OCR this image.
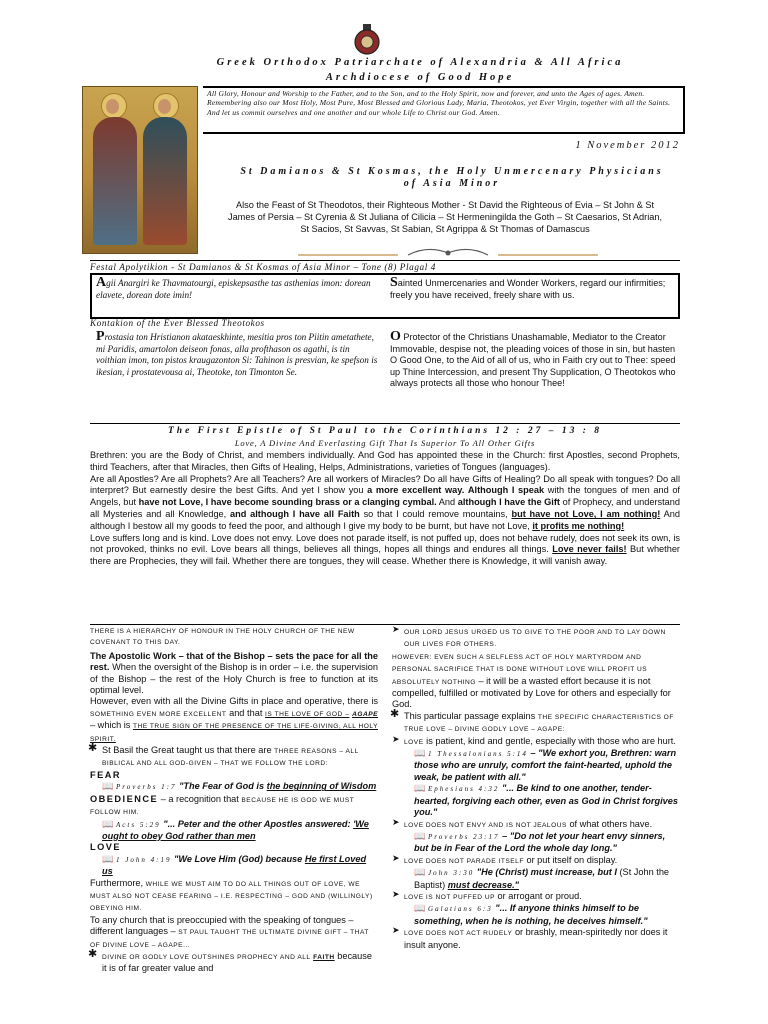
Greek Orthodox Patriarchate of Alexandria & All Africa
Archdiocese of Good Hope
All Glory, Honour and Worship to the Father, and to the Son, and to the Holy Spirit, now and forever, and unto the Ages of ages. Amen. Remembering also our Most Holy, Most Pure, Most Blessed and Glorious Lady, Maria, Theotokos, yet Ever Virgin, together with all the Saints. And let us commit ourselves and one another and our whole Life to Christ our God. Amen.
1 November 2012
St Damianos & St Kosmas, the Holy Unmercenary Physicians
of Asia Minor
Also the Feast of St Theodotos, their Righteous Mother - St David the Righteous of Evia – St John & St
James of Persia – St Cyrenia & St Juliana of Cilicia – St Hermeningilda the Goth – St Caesarios, St Adrian,
St Sacios, St Savvas, St Sabian, St Agrippa & St Thomas of Damascus
Festal Apolytikion - St Damianos & St Kosmas of Asia Minor – Tone (8) Plagal 4
Agii Anargiri ke Thavmatourgi, episkepsasthe tas asthenias imon: dorean elavete, dorean dote imin!
Sainted Unmercenaries and Wonder Workers, regard our infirmities; freely you have received, freely share with us.
Kontakion of the Ever Blessed Theotokos
Prostasia ton Hristianon akataeskhinte, mesitia pros ton Piitin ametathete, mi Paridis, amartolon deiseon fonas, alla profthason os agathi, is tin voithian imon, ton pistos kraugazonton Si: Tahinon is presvian, ke spefson is ikesian, i prostatevousa ai, Theotoke, ton Timonton Se.
O Protector of the Christians Unashamable, Mediator to the Creator Immovable, despise not, the pleading voices of those in sin, but hasten O Good One, to the Aid of all of us, who in Faith cry out to Thee: speed up Thine Intercession, and present Thy Supplication, O Theotokos who always protects all those who honour Thee!
The First Epistle of St Paul to the Corinthians 12 : 27 – 13 : 8
Love, A Divine And Everlasting Gift That Is Superior To All Other Gifts
Brethren: you are the Body of Christ, and members individually. And God has appointed these in the Church: first Apostles, second Prophets, third Teachers, after that Miracles, then Gifts of Healing, Helps, Administrations, varieties of Tongues (languages).
Are all Apostles? Are all Prophets? Are all Teachers? Are all workers of Miracles? Do all have Gifts of Healing? Do all speak with tongues? Do all interpret? But earnestly desire the best Gifts. And yet I show you a more excellent way. Although I speak with the tongues of men and of Angels, but have not Love, I have become sounding brass or a clanging cymbal. And although I have the Gift of Prophecy, and understand all Mysteries and all Knowledge, and although I have all Faith so that I could remove mountains, but have not Love, I am nothing! And although I bestow all my goods to feed the poor, and although I give my body to be burnt, but have not Love, it profits me nothing!
Love suffers long and is kind. Love does not envy. Love does not parade itself, is not puffed up, does not behave rudely, does not seek its own, is not provoked, thinks no evil. Love bears all things, believes all things, hopes all things and endures all things. Love never fails! But whether there are Prophecies, they will fail. Whether there are tongues, they will cease. Whether there is Knowledge, it will vanish away.
THERE IS A HIERARCHY OF HONOUR IN THE HOLY CHURCH OF THE NEW COVENANT TO THIS DAY.
The Apostolic Work – that of the Bishop – sets the pace for all the rest. When the oversight of the Bishop is in order – i.e. the supervision of the Bishop – the rest of the Holy Church is free to function at its optimal level.
However, even with all the Divine Gifts in place and operative, there is SOMETHING EVEN MORE EXCELLENT and that IS THE LOVE OF GOD – AGAPE – which is THE TRUE SIGN OF THE PRESENCE OF THE LIFE-GIVING, ALL HOLY SPIRIT.
✱ St Basil the Great taught us that there are THREE REASONS – ALL BIBLICAL AND ALL GOD-GIVEN – THAT WE FOLLOW THE LORD:
FEAR
📖 Proverbs 1:7 "The Fear of God is the beginning of Wisdom
OBEDIENCE – a recognition that BECAUSE HE IS GOD WE MUST FOLLOW HIM.
📖 Acts 5:29 "... Peter and the other Apostles answered: 'We ought to obey God rather than men
LOVE
📖 1 John 4:19 "We Love Him (God) because He first Loved us
Furthermore, WHILE WE MUST AIM TO DO ALL THINGS OUT OF LOVE, WE MUST ALSO NOT CEASE FEARING – I.E. RESPECTING – GOD AND (WILLINGLY) OBEYING HIM.
To any church that is preoccupied with the speaking of tongues – different languages – ST PAUL TAUGHT THE ULTIMATE DIVINE GIFT – THAT OF DIVINE LOVE – AGAPE...
✱ DIVINE OR GODLY LOVE OUTSHINES PROPHECY AND ALL FAITH because it is of far greater value and
➤ OUR LORD JESUS URGED US TO GIVE TO THE POOR AND TO LAY DOWN OUR LIVES FOR OTHERS.
HOWEVER: EVEN SUCH A SELFLESS ACT OF HOLY MARTYRDOM AND PERSONAL SACRIFICE THAT IS DONE WITHOUT LOVE WILL PROFIT US ABSOLUTELY NOTHING – it will be a wasted effort because it is not compelled, fulfilled or motivated by Love for others and especially for God.
✱ This particular passage explains THE SPECIFIC CHARACTERISTICS OF TRUE LOVE – DIVINE GODLY LOVE – AGAPE:
➤ LOVE is patient, kind and gentle, especially with those who are hurt.
📖 1 Thessalonians 5:14 – "We exhort you, Brethren: warn those who are unruly, comfort the faint-hearted, uphold the weak, be patient with all."
📖 Ephesians 4:32 "... Be kind to one another, tender-hearted, forgiving each other, even as God in Christ forgives you."
➤ LOVE DOES NOT ENVY AND IS NOT JEALOUS of what others have.
📖 Proverbs 23:17 – "Do not let your heart envy sinners, but be in Fear of the Lord the whole day long."
➤ LOVE DOES NOT PARADE ITSELF or put itself on display.
📖 John 3:30 "He (Christ) must increase, but I (St John the Baptist) must decrease."
➤ LOVE IS NOT PUFFED UP or arrogant or proud.
📖 Galatians 6:3 "... If anyone thinks himself to be something, when he is nothing, he deceives himself."
➤ LOVE DOES NOT ACT RUDELY or brashly, mean-spiritedly nor does it insult anyone.
